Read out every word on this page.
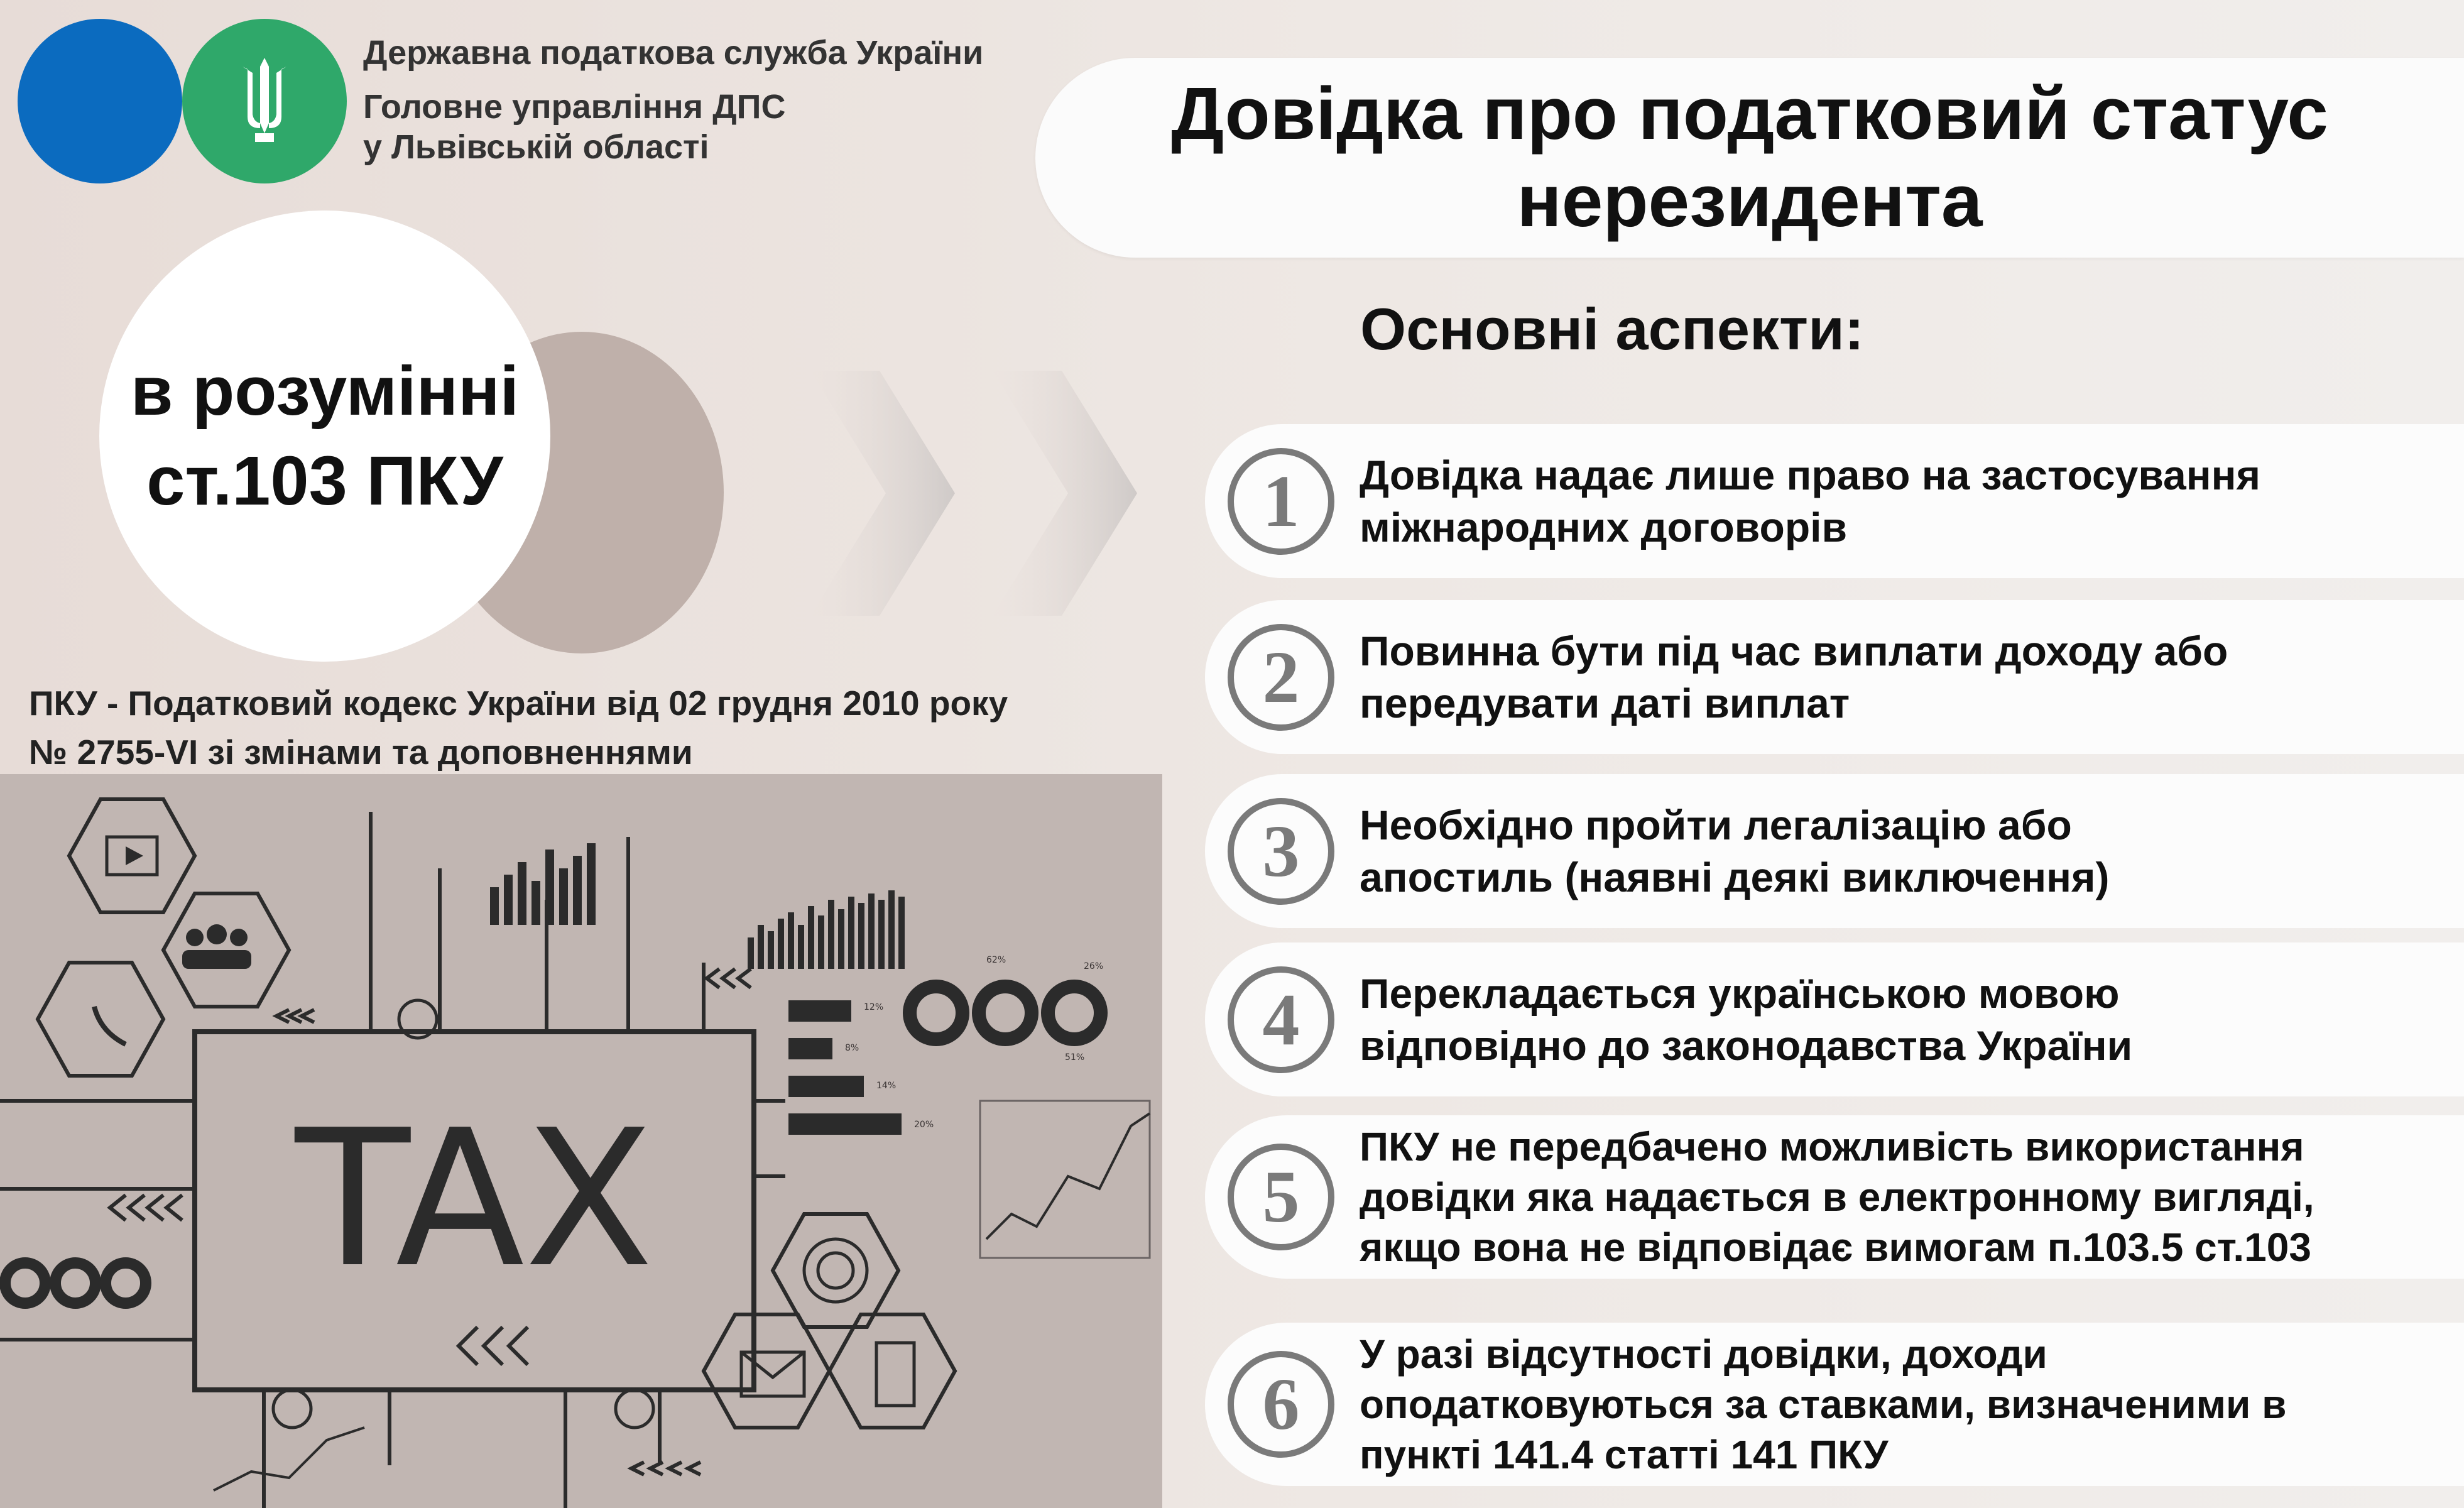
Державна податкова служба України
Головне управління ДПС
у Львівській області	Довідка про податковий статус
нерезидента
Основні аспекти:
в розумінні
ст.103 ПКУ
ПКУ - Податковий кодекс України від 02 грудня 2010 року
№ 2755-VI зі змінами та доповненнями
TAX
62%
26%
51%
12%
8%
14%
20%
1	Довідка надає лише право на застосування
міжнародних договорів
2	Повинна бути під час виплати доходу або
передувати даті виплат
3	Необхідно пройти легалізацію або
апостиль (наявні деякі виключення)
4	Перекладається українською мовою
відповідно до законодавства України
5
ПКУ не передбачено можливість використання
довідки яка надається в електронному вигляді,
якщо вона не відповідає вимогам п.103.5 ст.103
6
У разі відсутності довідки, доходи
оподатковуються за ставками, визначеними в
пункті 141.4 статті 141 ПКУ
